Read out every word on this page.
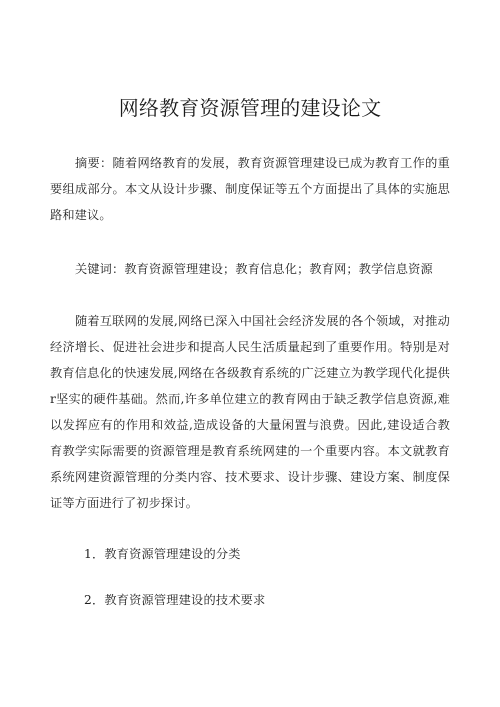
网络教育资源管理的建设论文

摘要：随着网络教育的发展，教育资源管理建设已成为教育工作的重要组成部分。本文从设计步骤、制度保证等五个方面提出了具体的实施思路和建议。

关键词：教育资源管理建设；教育信息化；教育网；教学信息资源

随着互联网的发展,网络已深入中国社会经济发展的各个领域，对推动经济增长、促进社会进步和提高人民生活质量起到了重要作用。特别是对教育信息化的快速发展,网络在各级教育系统的广泛建立为教学现代化提供r坚实的硬件基础。然而,许多单位建立的教育网由于缺乏教学信息资源,难以发挥应有的作用和效益,造成设备的大量闲置与浪费。因此,建设适合教育教学实际需要的资源管理是教育系统网建的一个重要内容。本文就教育系统网建资源管理的分类内容、技术要求、设计步骤、建设方案、制度保证等方面进行了初步探讨。

1．教育资源管理建设的分类
2．教育资源管理建设的技术要求
